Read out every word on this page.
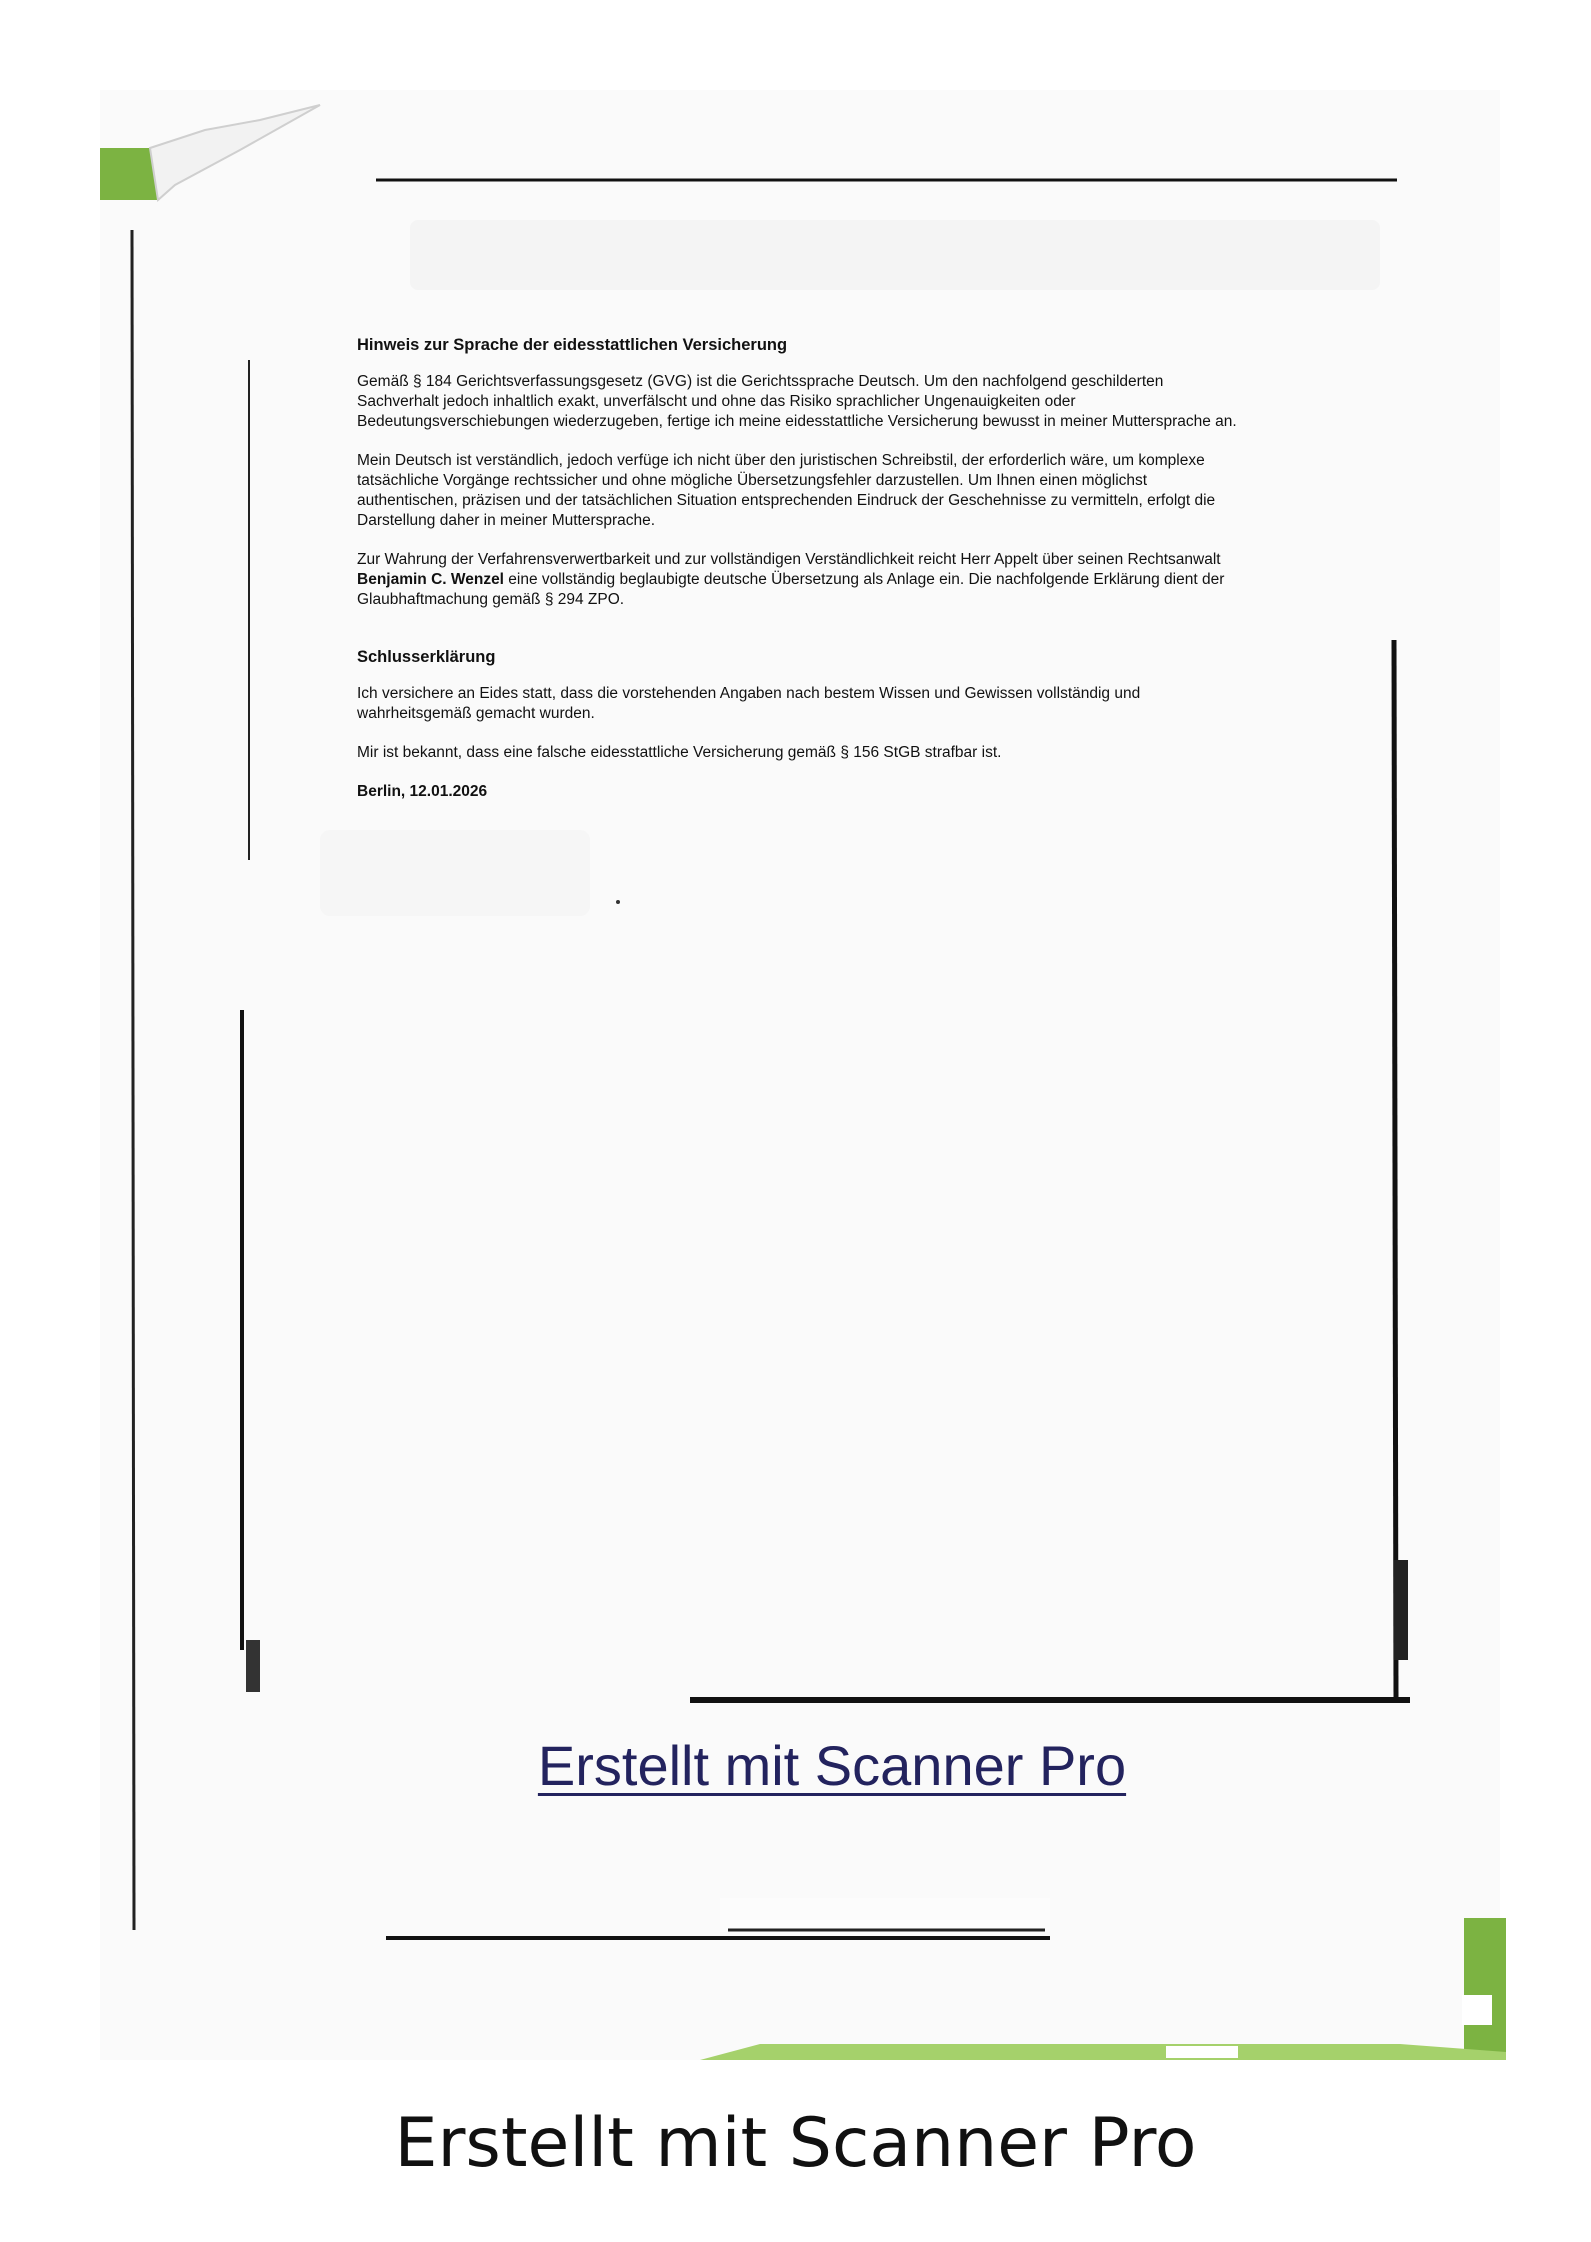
Hinweis zur Sprache der eidesstattlichen Versicherung

Gemäß § 184 Gerichtsverfassungsgesetz (GVG) ist die Gerichtssprache Deutsch. Um den nachfolgend geschilderten Sachverhalt jedoch inhaltlich exakt, unverfälscht und ohne das Risiko sprachlicher Ungenauigkeiten oder Bedeutungsverschiebungen wiederzugeben, fertige ich meine eidesstattliche Versicherung bewusst in meiner Muttersprache an.

Mein Deutsch ist verständlich, jedoch verfüge ich nicht über den juristischen Schreibstil, der erforderlich wäre, um komplexe tatsächliche Vorgänge rechtssicher und ohne mögliche Übersetzungsfehler darzustellen. Um Ihnen einen möglichst authentischen, präzisen und der tatsächlichen Situation entsprechenden Eindruck der Geschehnisse zu vermitteln, erfolgt die Darstellung daher in meiner Muttersprache.

Zur Wahrung der Verfahrensverwertbarkeit und zur vollständigen Verständlichkeit reicht Herr Appelt über seinen Rechtsanwalt Benjamin C. Wenzel eine vollständig beglaubigte deutsche Übersetzung als Anlage ein. Die nachfolgende Erklärung dient der Glaubhaftmachung gemäß § 294 ZPO.

Schlusserklärung

Ich versichere an Eides statt, dass die vorstehenden Angaben nach bestem Wissen und Gewissen vollständig und wahrheitsgemäß gemacht wurden.

Mir ist bekannt, dass eine falsche eidesstattliche Versicherung gemäß § 156 StGB strafbar ist.

Berlin, 12.01.2026

Erstellt mit Scanner Pro
Erstellt mit Scanner Pro
